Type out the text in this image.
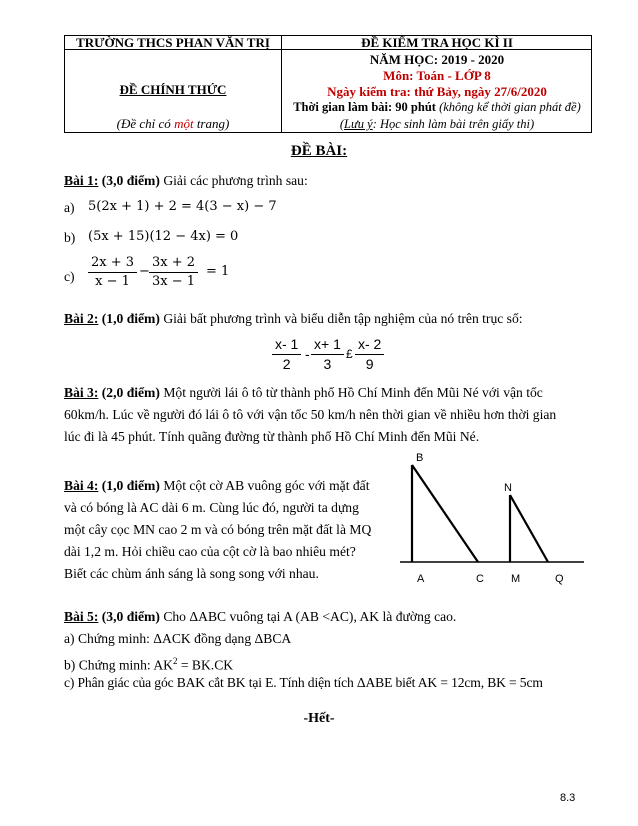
TRƯỜNG THCS PHAN VĂN TRỊ
ĐỀ CHÍNH THỨC
(Đề chỉ có một trang)
ĐỀ KIỂM TRA HỌC KÌ II
NĂM HỌC: 2019 - 2020
Môn: Toán - LỚP 8
Ngày kiểm tra: thứ Bảy, ngày 27/6/2020
Thời gian làm bài: 90 phút (không kể thời gian phát đề)
(Lưu ý: Học sinh làm bài trên giấy thi)
ĐỀ BÀI:
Bài 1: (3,0 điểm) Giải các phương trình sau:
a) 5(2x + 1) + 2 = 4(3 − x) − 7
b) (5x + 15)(12 − 4x) = 0
c)
2x + 3
x − 1
−
3x + 2
3x − 1
= 1
Bài 2: (1,0 điểm) Giải bất phương trình và biểu diễn tập nghiệm của nó trên trục số:
x- 1
2
-
x+ 1
3
£
x- 2
9
Bài 3: (2,0 điểm) Một người lái ô tô từ thành phố Hồ Chí Minh đến Mũi Né với vận tốc
60km/h. Lúc về người đó lái ô tô với vận tốc 50 km/h nên thời gian về nhiều hơn thời gian
lúc đi là 45 phút. Tính quãng đường từ thành phố Hồ Chí Minh đến Mũi Né.
Bài 4: (1,0 điểm) Một cột cờ AB vuông góc với mặt đất
và có bóng là AC dài 6 m. Cùng lúc đó, người ta dựng
một cây cọc MN cao 2 m và có bóng trên mặt đất là MQ
dài 1,2 m. Hỏi chiều cao của cột cờ là bao nhiêu mét?
Biết các chùm ánh sáng là song song với nhau.
B
N
A	C M	Q
Bài 5: (3,0 điểm) Cho ΔABC vuông tại A (AB <AC), AK là đường cao.
a) Chứng minh: ΔACK đồng dạng ΔBCA
b) Chứng minh: $AK^2 = BK.CK$
c) Phân giác của góc BAK cắt BK tại E. Tính diện tích ΔABE biết AK = 12cm, BK = 5cm
-Hết-
8.3
